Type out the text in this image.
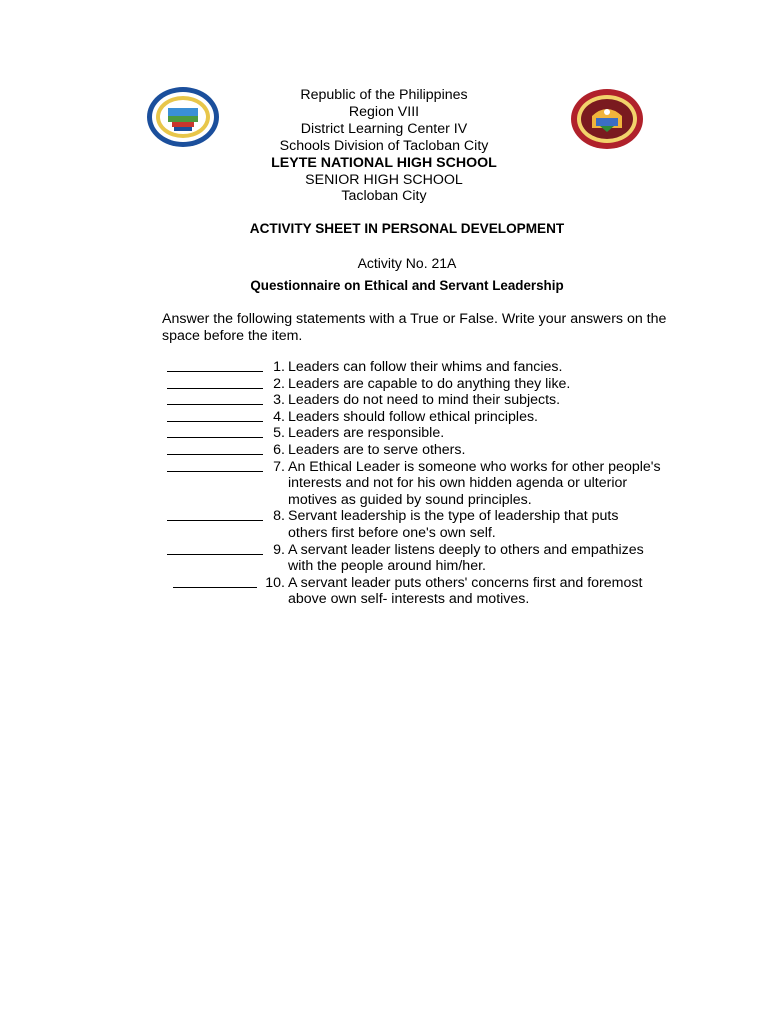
Republic of the Philippines
Region VIII
District Learning Center IV
Schools Division of Tacloban City
LEYTE NATIONAL HIGH SCHOOL
SENIOR HIGH SCHOOL
Tacloban City
ACTIVITY SHEET IN PERSONAL DEVELOPMENT
Activity No. 21A
Questionnaire on Ethical and Servant Leadership
Answer the following statements with a True or False. Write your answers on the space before the item.
1. Leaders can follow their whims and fancies.
2. Leaders are capable to do anything they like.
3. Leaders do not need to mind their subjects.
4. Leaders should follow ethical principles.
5. Leaders are responsible.
6. Leaders are to serve others.
7. An Ethical Leader is someone who works for other people's
interests and not for his own hidden agenda or ulterior
motives as guided by sound principles.
8. Servant leadership is the type of leadership that puts
others first before one's own self.
9. A servant leader listens deeply to others and empathizes
with the people around him/her.
10. A servant leader puts others' concerns first and foremost
above own self- interests and motives.
